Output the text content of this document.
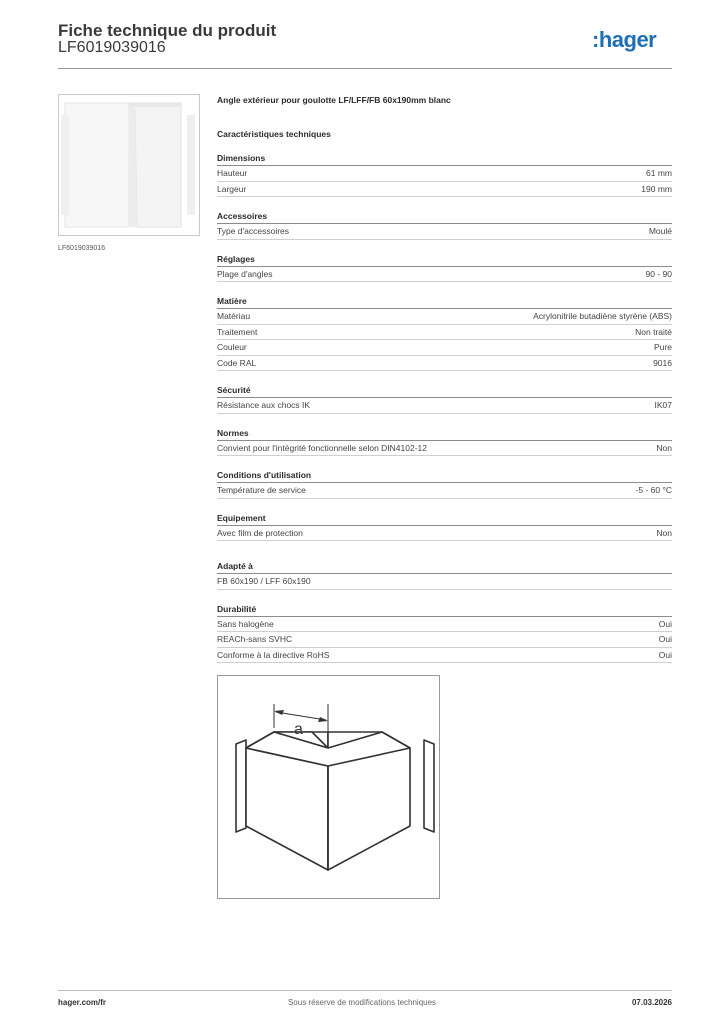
Fiche technique du produit
LF6019039016	:hager
LF6019039016
Angle extérieur pour goulotte LF/LFF/FB 60x190mm blanc
Caractéristiques techniques
Dimensions
Hauteur	61 mm
Largeur	190 mm
Accessoires
Type d'accessoires	Moulé
Réglages
Plage d'angles	90 - 90
Matière
Matériau	Acrylonitrile butadiène styrène (ABS)
Traitement	Non traité
Couleur	Pure
Code RAL	9016
Sécurité
Résistance aux chocs IK	IK07
Normes
Convient pour l'intégrité fonctionnelle selon DIN4102-12	Non
Conditions d'utilisation
Température de service	-5 - 60 °C
Equipement
Avec film de protection	Non
Adapté à
FB 60x190 / LFF 60x190
Durabilité
Sans halogène	Oui
REACh-sans SVHC	Oui
Conforme à la directive RoHS	Oui
a
hager.com/fr	Sous réserve de modifications techniques	07.03.2026
